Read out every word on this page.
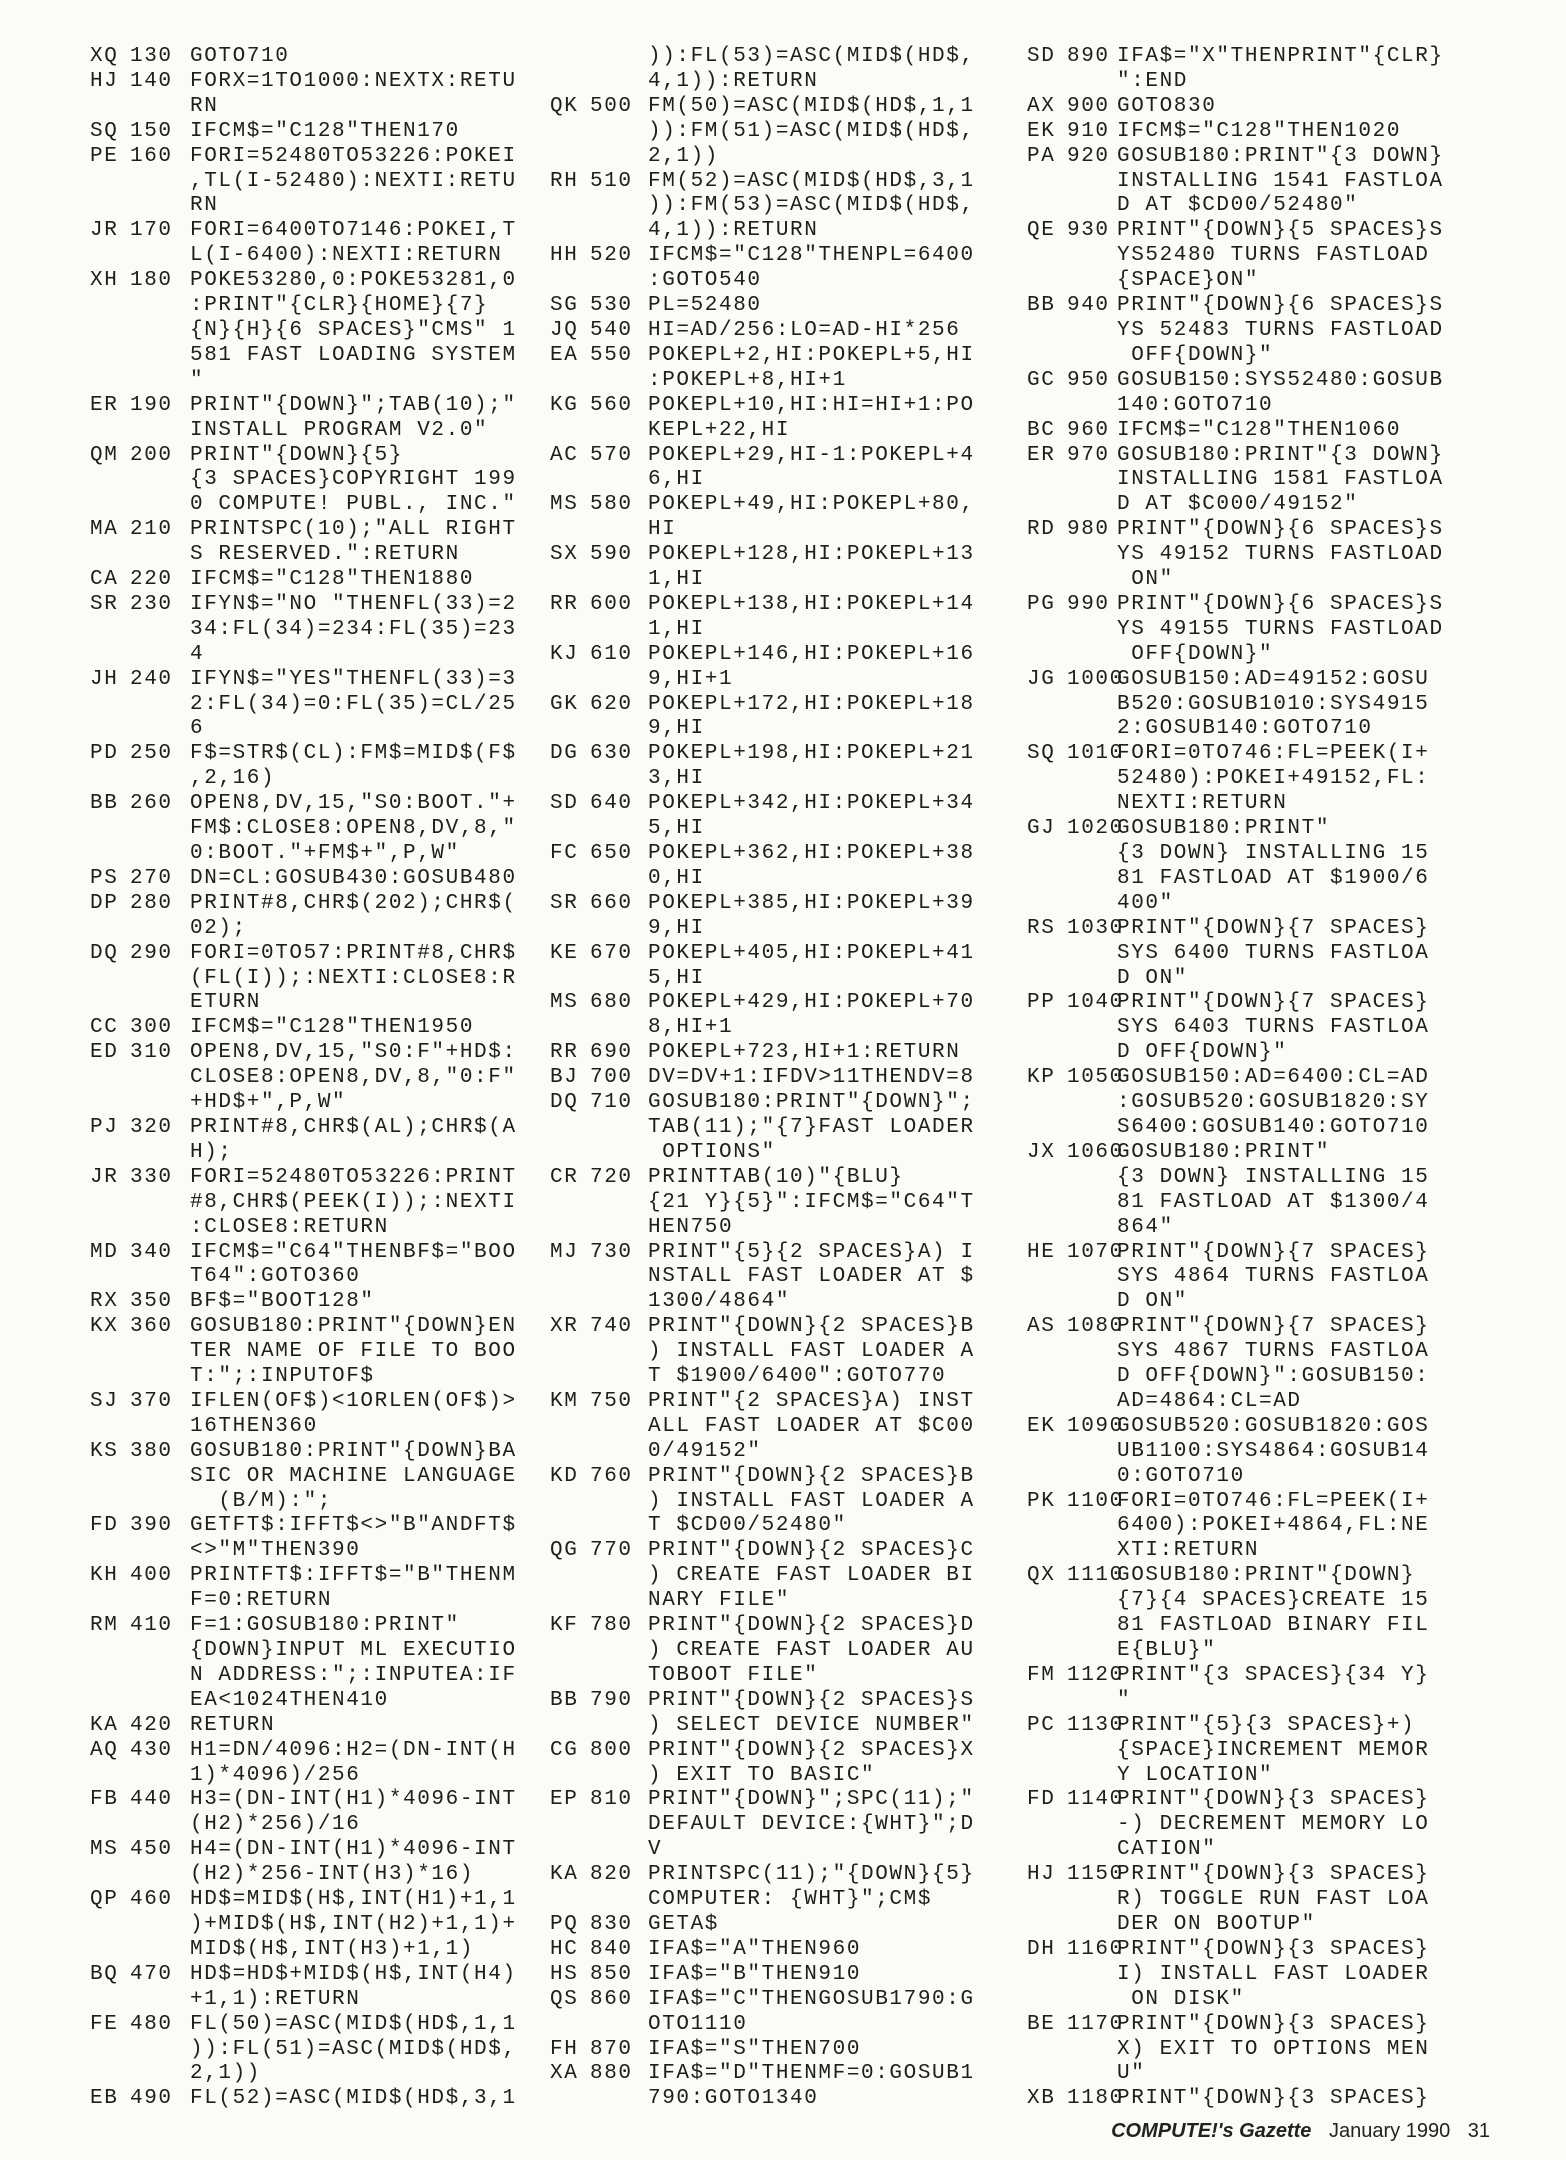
XQ 130 GOTO710
HJ 140 FORX=1TO1000:NEXTX:RETU
RN
SQ 150 IFCM$="C128"THEN170
PE 160 FORI=52480TO53226:POKEI
,TL(I-52480):NEXTI:RETU
RN
JR 170 FORI=6400TO7146:POKEI,T
L(I-6400):NEXTI:RETURN
XH 180 POKE53280,0:POKE53281,0
:PRINT"{CLR}{HOME}{7}
{N}{H}{6 SPACES}"CMS" 1
581 FAST LOADING SYSTEM
"
ER 190 PRINT"{DOWN}";TAB(10);"
INSTALL PROGRAM V2.0"
QM 200 PRINT"{DOWN}{5}
{3 SPACES}COPYRIGHT 199
0 COMPUTE! PUBL., INC."
MA 210 PRINTSPC(10);"ALL RIGHT
S RESERVED.":RETURN
CA 220 IFCM$="C128"THEN1880
SR 230 IFYN$="NO "THENFL(33)=2
34:FL(34)=234:FL(35)=23
4
JH 240 IFYN$="YES"THENFL(33)=3
2:FL(34)=0:FL(35)=CL/25
6
PD 250 F$=STR$(CL):FM$=MID$(F$
,2,16)
BB 260 OPEN8,DV,15,"S0:BOOT."+
FM$:CLOSE8:OPEN8,DV,8,"
0:BOOT."+FM$+",P,W"
PS 270 DN=CL:GOSUB430:GOSUB480
DP 280 PRINT#8,CHR$(202);CHR$(
02);
DQ 290 FORI=0TO57:PRINT#8,CHR$
(FL(I));:NEXTI:CLOSE8:R
ETURN
CC 300 IFCM$="C128"THEN1950
ED 310 OPEN8,DV,15,"S0:F"+HD$:
CLOSE8:OPEN8,DV,8,"0:F"
+HD$+",P,W"
PJ 320 PRINT#8,CHR$(AL);CHR$(A
H);
JR 330 FORI=52480TO53226:PRINT
#8,CHR$(PEEK(I));:NEXTI
:CLOSE8:RETURN
MD 340 IFCM$="C64"THENBF$="BOO
T64":GOTO360
RX 350 BF$="BOOT128"
KX 360 GOSUB180:PRINT"{DOWN}EN
TER NAME OF FILE TO BOO
T:";:INPUTOF$
SJ 370 IFLEN(OF$)<1ORLEN(OF$)>
16THEN360
KS 380 GOSUB180:PRINT"{DOWN}BA
SIC OR MACHINE LANGUAGE
(B/M):";
FD 390 GETFT$:IFFT$<>"B"ANDFT$
<>"M"THEN390
KH 400 PRINTFT$:IFFT$="B"THENM
F=0:RETURN
RM 410 F=1:GOSUB180:PRINT"
{DOWN}INPUT ML EXECUTIO
N ADDRESS:";:INPUTEA:IF
EA<1024THEN410
KA 420 RETURN
AQ 430 H1=DN/4096:H2=(DN-INT(H
1)*4096)/256
FB 440 H3=(DN-INT(H1)*4096-INT
(H2)*256)/16
MS 450 H4=(DN-INT(H1)*4096-INT
(H2)*256-INT(H3)*16)
QP 460 HD$=MID$(H$,INT(H1)+1,1
)+MID$(H$,INT(H2)+1,1)+
MID$(H$,INT(H3)+1,1)
BQ 470 HD$=HD$+MID$(H$,INT(H4)
+1,1):RETURN
FE 480 FL(50)=ASC(MID$(HD$,1,1
)):FL(51)=ASC(MID$(HD$,
2,1))
EB 490 FL(52)=ASC(MID$(HD$,3,1
)):FL(53)=ASC(MID$(HD$,
4,1)):RETURN
QK 500 FM(50)=ASC(MID$(HD$,1,1
)):FM(51)=ASC(MID$(HD$,
2,1))
RH 510 FM(52)=ASC(MID$(HD$,3,1
)):FM(53)=ASC(MID$(HD$,
4,1)):RETURN
HH 520 IFCM$="C128"THENPL=6400
:GOTO540
SG 530 PL=52480
JQ 540 HI=AD/256:LO=AD-HI*256
EA 550 POKEPL+2,HI:POKEPL+5,HI
:POKEPL+8,HI+1
KG 560 POKEPL+10,HI:HI=HI+1:PO
KEPL+22,HI
AC 570 POKEPL+29,HI-1:POKEPL+4
6,HI
MS 580 POKEPL+49,HI:POKEPL+80,
HI
SX 590 POKEPL+128,HI:POKEPL+13
1,HI
RR 600 POKEPL+138,HI:POKEPL+14
1,HI
KJ 610 POKEPL+146,HI:POKEPL+16
9,HI+1
GK 620 POKEPL+172,HI:POKEPL+18
9,HI
DG 630 POKEPL+198,HI:POKEPL+21
3,HI
SD 640 POKEPL+342,HI:POKEPL+34
5,HI
FC 650 POKEPL+362,HI:POKEPL+38
0,HI
SR 660 POKEPL+385,HI:POKEPL+39
9,HI
KE 670 POKEPL+405,HI:POKEPL+41
5,HI
MS 680 POKEPL+429,HI:POKEPL+70
8,HI+1
RR 690 POKEPL+723,HI+1:RETURN
BJ 700 DV=DV+1:IFDV>11THENDV=8
DQ 710 GOSUB180:PRINT"{DOWN}";
TAB(11);"{7}FAST LOADER
OPTIONS"
CR 720 PRINTTAB(10)"{BLU}
{21 Y}{5}":IFCM$="C64"T
HEN750
MJ 730 PRINT"{5}{2 SPACES}A) I
NSTALL FAST LOADER AT $
1300/4864"
XR 740 PRINT"{DOWN}{2 SPACES}B
) INSTALL FAST LOADER A
T $1900/6400":GOTO770
KM 750 PRINT"{2 SPACES}A) INST
ALL FAST LOADER AT $C00
0/49152"
KD 760 PRINT"{DOWN}{2 SPACES}B
) INSTALL FAST LOADER A
T $CD00/52480"
QG 770 PRINT"{DOWN}{2 SPACES}C
) CREATE FAST LOADER BI
NARY FILE"
KF 780 PRINT"{DOWN}{2 SPACES}D
) CREATE FAST LOADER AU
TOBOOT FILE"
BB 790 PRINT"{DOWN}{2 SPACES}S
) SELECT DEVICE NUMBER"
CG 800 PRINT"{DOWN}{2 SPACES}X
) EXIT TO BASIC"
EP 810 PRINT"{DOWN}";SPC(11);"
DEFAULT DEVICE:{WHT}";D
V
KA 820 PRINTSPC(11);"{DOWN}{5}
COMPUTER: {WHT}";CM$
PQ 830 GETA$
HC 840 IFA$="A"THEN960
HS 850 IFA$="B"THEN910
QS 860 IFA$="C"THENGOSUB1790:G
OTO1110
FH 870 IFA$="S"THEN700
XA 880 IFA$="D"THENMF=0:GOSUB1
790:GOTO1340
SD 890 IFA$="X"THENPRINT"{CLR}
":END
AX 900 GOTO830
EK 910 IFCM$="C128"THEN1020
PA 920 GOSUB180:PRINT"{3 DOWN}
INSTALLING 1541 FASTLOA
D AT $CD00/52480"
QE 930 PRINT"{DOWN}{5 SPACES}S
YS52480 TURNS FASTLOAD
{SPACE}ON"
BB 940 PRINT"{DOWN}{6 SPACES}S
YS 52483 TURNS FASTLOAD
OFF{DOWN}"
GC 950 GOSUB150:SYS52480:GOSUB
140:GOTO710
BC 960 IFCM$="C128"THEN1060
ER 970 GOSUB180:PRINT"{3 DOWN}
INSTALLING 1581 FASTLOA
D AT $C000/49152"
RD 980 PRINT"{DOWN}{6 SPACES}S
YS 49152 TURNS FASTLOAD
ON"
PG 990 PRINT"{DOWN}{6 SPACES}S
YS 49155 TURNS FASTLOAD
OFF{DOWN}"
JG 1000
GOSUB150:AD=49152:GOSU
B520:GOSUB1010:SYS4915
2:GOSUB140:GOTO710
SQ 1010
FORI=0TO746:FL=PEEK(I+
52480):POKEI+49152,FL:
NEXTI:RETURN
GJ 1020
GOSUB180:PRINT"
{3 DOWN} INSTALLING 15
81 FASTLOAD AT $1900/6
400"
RS 1030
PRINT"{DOWN}{7 SPACES}
SYS 6400 TURNS FASTLOA
D ON"
PP 1040
PRINT"{DOWN}{7 SPACES}
SYS 6403 TURNS FASTLOA
D OFF{DOWN}"
KP 1050
GOSUB150:AD=6400:CL=AD
:GOSUB520:GOSUB1820:SY
S6400:GOSUB140:GOTO710
JX 1060
GOSUB180:PRINT"
{3 DOWN} INSTALLING 15
81 FASTLOAD AT $1300/4
864"
HE 1070
PRINT"{DOWN}{7 SPACES}
SYS 4864 TURNS FASTLOA
D ON"
AS 1080
PRINT"{DOWN}{7 SPACES}
SYS 4867 TURNS FASTLOA
D OFF{DOWN}":GOSUB150:
AD=4864:CL=AD
EK 1090
GOSUB520:GOSUB1820:GOS
UB1100:SYS4864:GOSUB14
0:GOTO710
PK 1100
FORI=0TO746:FL=PEEK(I+
6400):POKEI+4864,FL:NE
XTI:RETURN
QX 1110
GOSUB180:PRINT"{DOWN}
{7}{4 SPACES}CREATE 15
81 FASTLOAD BINARY FIL
E{BLU}"
FM 1120
PRINT"{3 SPACES}{34 Y}
"
PC 1130
PRINT"{5}{3 SPACES}+)
{SPACE}INCREMENT MEMOR
Y LOCATION"
FD 1140
PRINT"{DOWN}{3 SPACES}
-) DECREMENT MEMORY LO
CATION"
HJ 1150
PRINT"{DOWN}{3 SPACES}
R) TOGGLE RUN FAST LOA
DER ON BOOTUP"
DH 1160
PRINT"{DOWN}{3 SPACES}
I) INSTALL FAST LOADER
ON DISK"
BE 1170
PRINT"{DOWN}{3 SPACES}
X) EXIT TO OPTIONS MEN
U"
XB 1180
PRINT"{DOWN}{3 SPACES}
COMPUTE!'s Gazette January 1990 31
